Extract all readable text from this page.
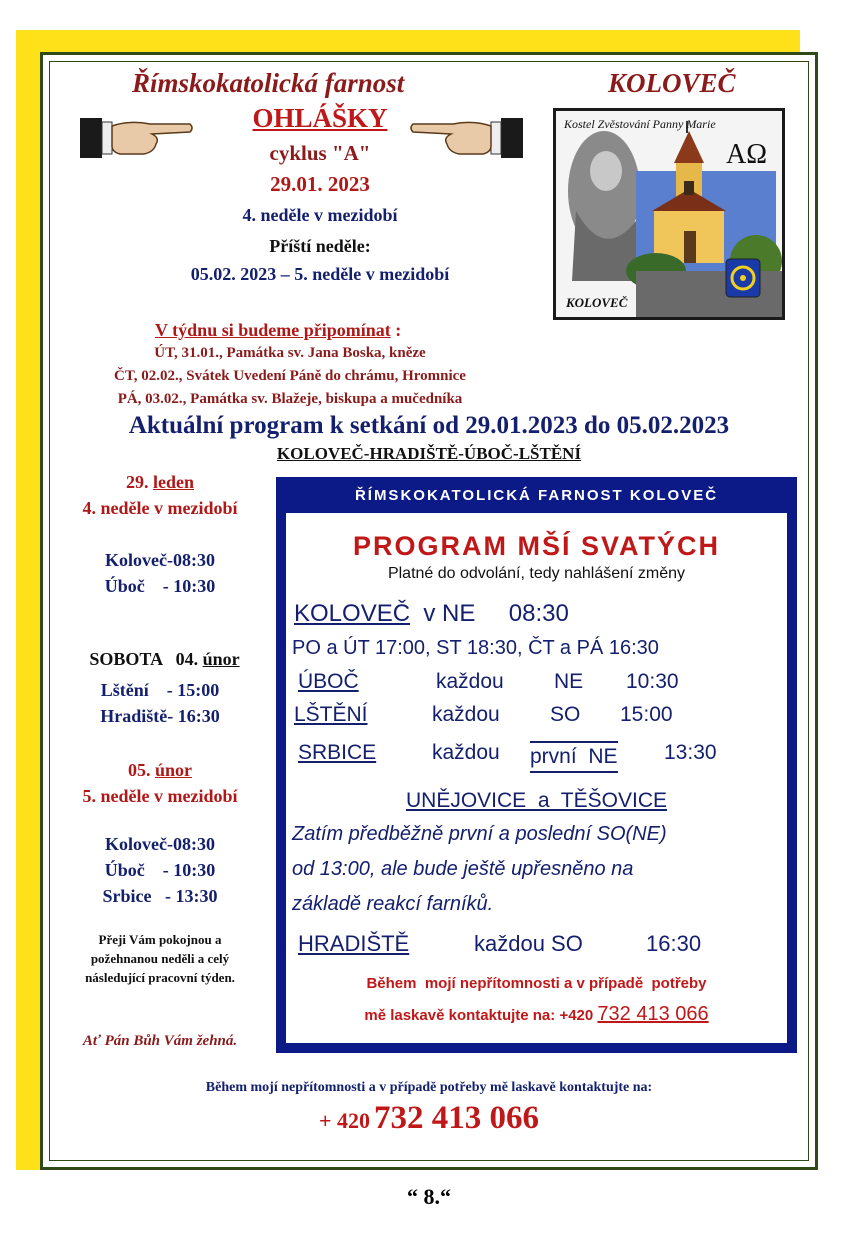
Římskokatolická farnost	KOLOVEČ
OHLÁŠKY
cyklus "A"
29.01. 2023
4. neděle v mezidobí
Příští neděle:
05.02. 2023 – 5. neděle v mezidobí
Kostel Zvěstování Panny Marie
AΩ
KOLOVEČ
V týdnu si budeme připomínat :
ÚT, 31.01., Památka sv. Jana Boska, kněze
ČT, 02.02., Svátek Uvedení Páně do chrámu, Hromnice
PÁ, 03.02., Památka sv. Blažeje, biskupa a mučedníka
Aktuální program k setkání od 29.01.2023 do 05.02.2023
KOLOVEČ-HRADIŠTĚ-ÚBOČ-LŠTĚNÍ
29. leden
4. neděle v mezidobí
Koloveč-08:30
Úboč    - 10:30

SOBOTA   04. únor

Lštění    - 15:00
Hradiště- 16:30
05. únor
5. neděle v mezidobí
Koloveč-08:30
Úboč    - 10:30
Srbice   - 13:30
Přeji Vám pokojnou a
požehnanou neděli a celý
následující pracovní týden.
Ať Pán Bůh Vám žehná.
ŘÍMSKOKATOLICKÁ FARNOST KOLOVEČ
PROGRAM MŠÍ SVATÝCH
Platné do odvolání, tedy nahlášení změny
KOLOVEČ v NE 08:30
PO a ÚT 17:00, ST 18:30, ČT a PÁ 16:30
ÚBOČ	každou NE 10:30
LŠTĚNÍ	každou SO 15:00
SRBICE	každou první  NE 13:30
UNĚJOVICE  a  TĚŠOVICE
Zatím předběžně první a poslední SO(NE)
od 13:00, ale bude ještě upřesněno na
základě reakcí farníků.
HRADIŠTĚ	každou SO	16:30
Během  mojí nepřítomnosti a v případě  potřeby
mě laskavě kontaktujte na: +420 732 413 066
Během mojí nepřítomnosti a v případě potřeby mě laskavě kontaktujte na:
+ 420 732 413 066
“ 8.“
